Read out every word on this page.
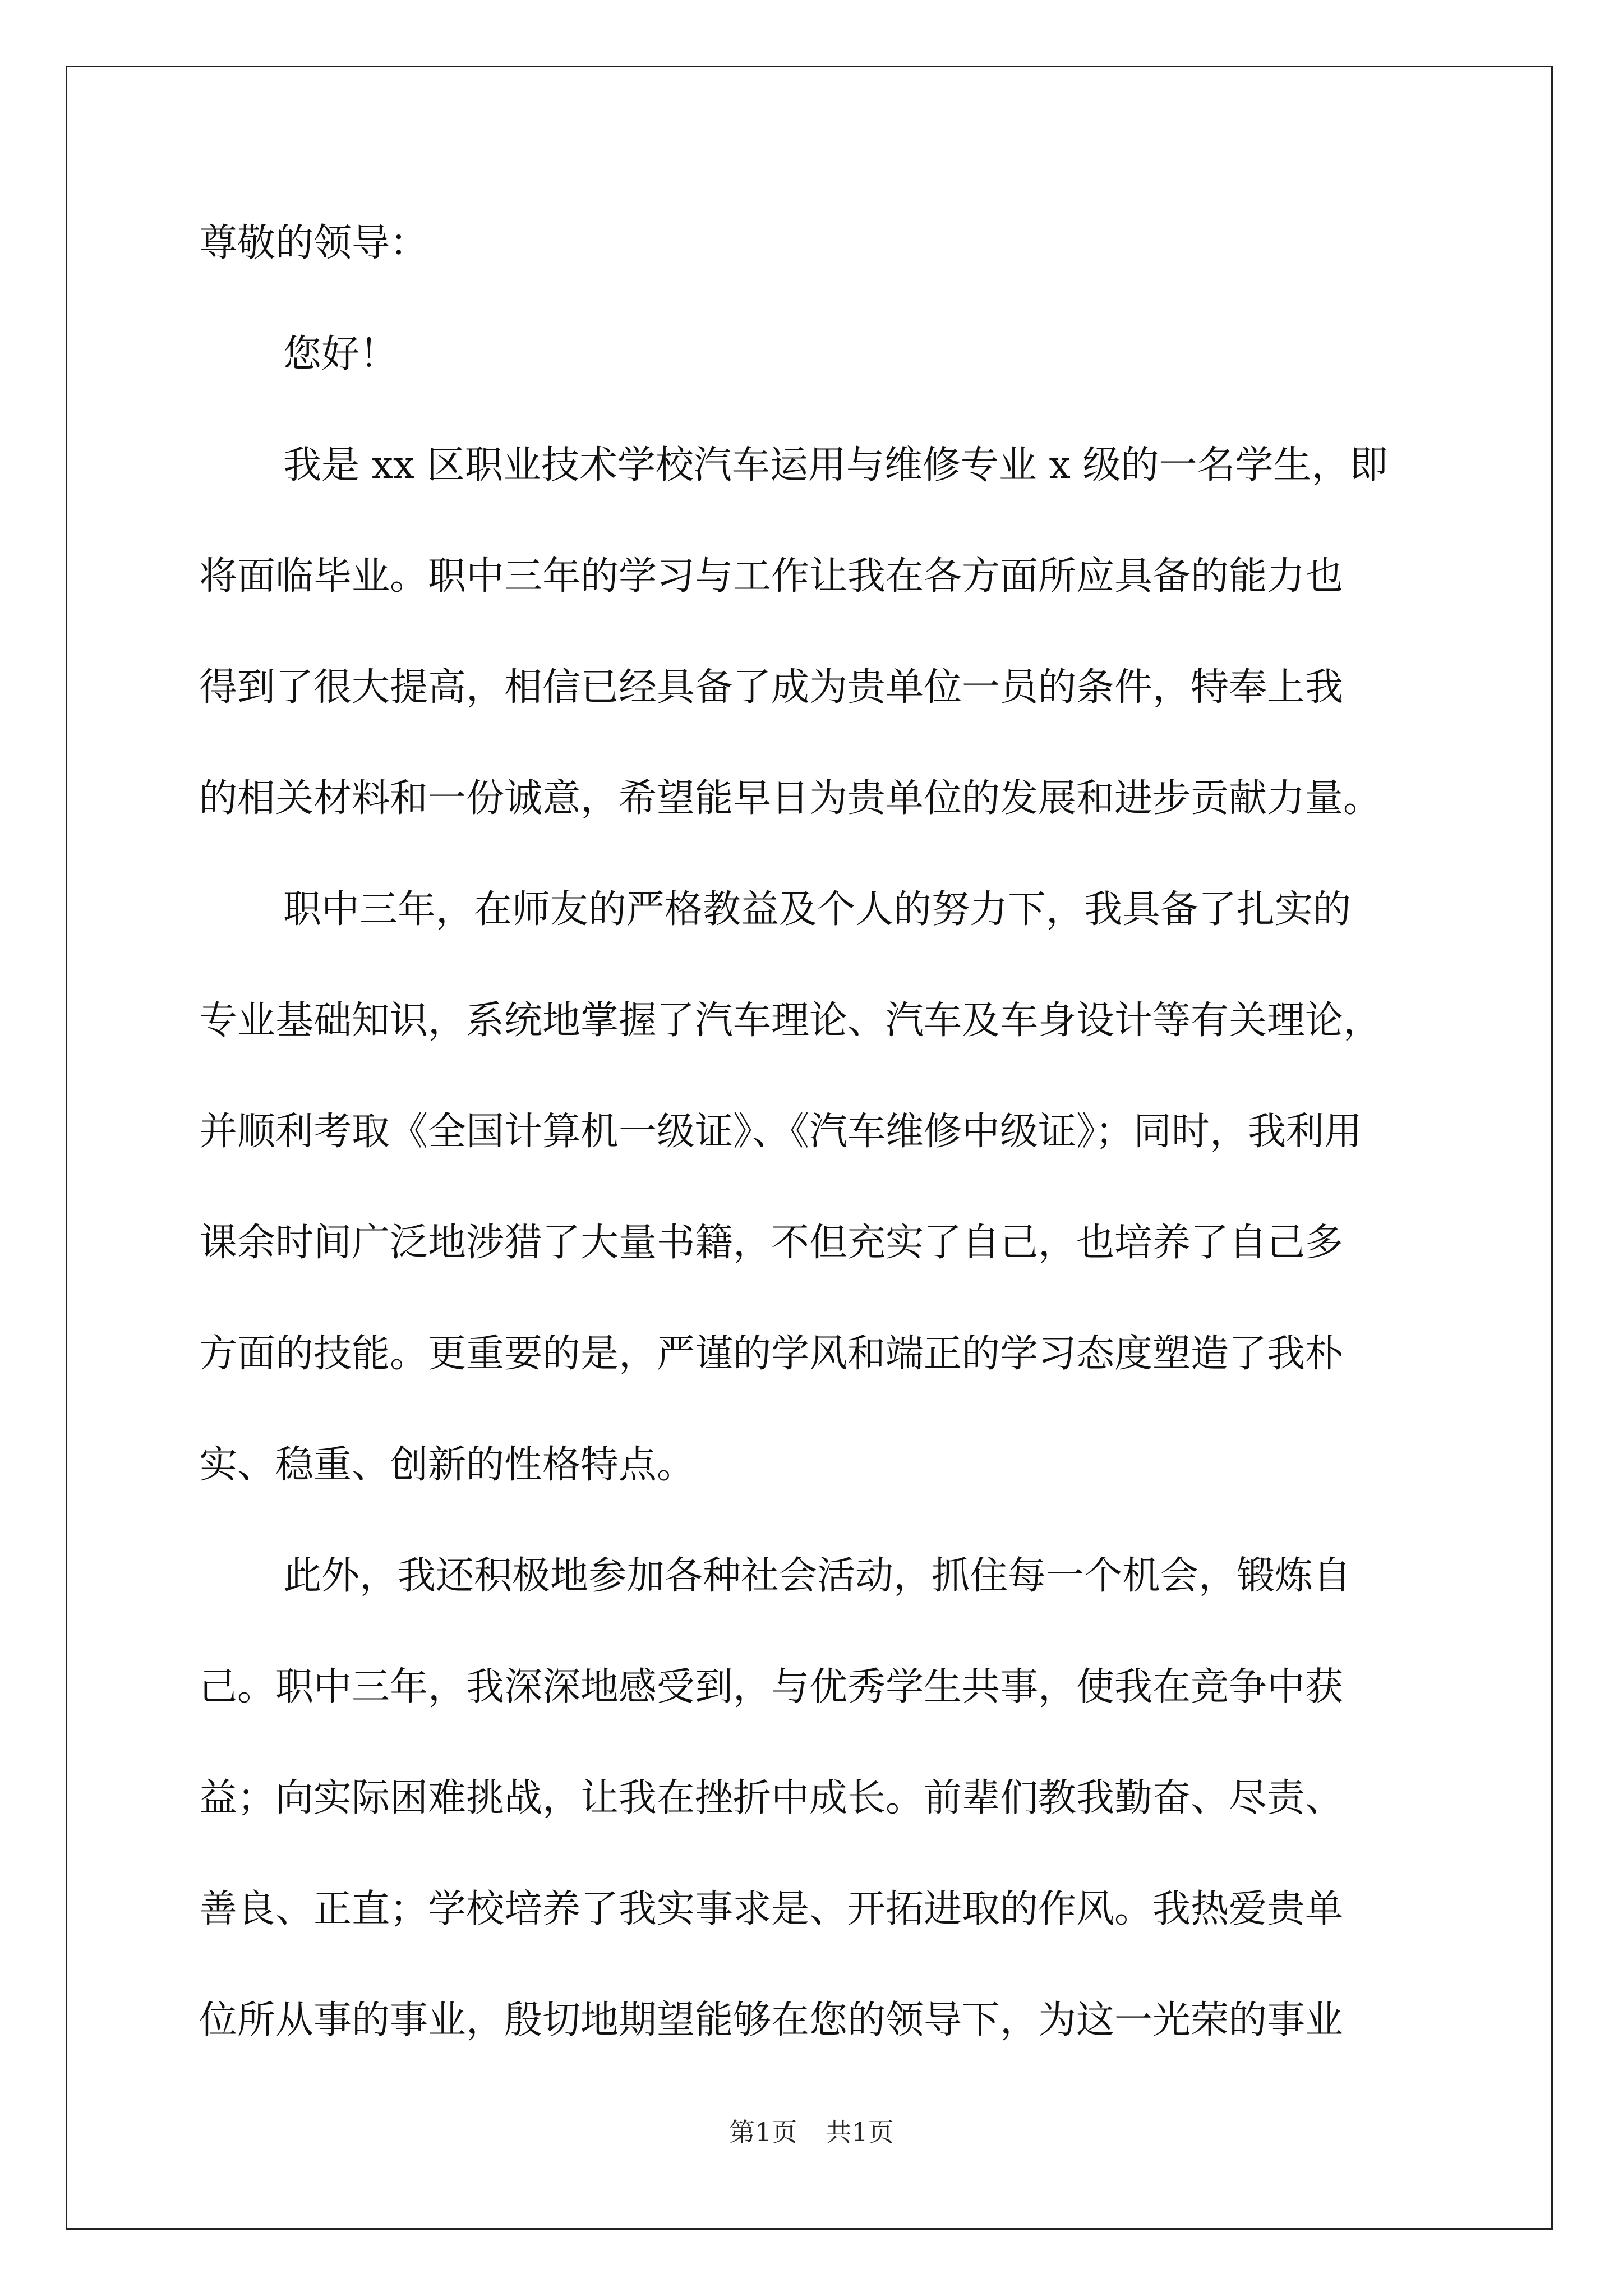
尊敬的领导：
您好！
我是 xx 区职业技术学校汽车运用与维修专业 x 级的一名学生，即
将面临毕业。职中三年的学习与工作让我在各方面所应具备的能力也
得到了很大提高，相信已经具备了成为贵单位一员的条件，特奉上我
的相关材料和一份诚意，希望能早日为贵单位的发展和进步贡献力量。
职中三年，在师友的严格教益及个人的努力下，我具备了扎实的
专业基础知识，系统地掌握了汽车理论、汽车及车身设计等有关理论，
并顺利考取《全国计算机一级证》、《汽车维修中级证》；同时，我利用
课余时间广泛地涉猎了大量书籍，不但充实了自己，也培养了自己多
方面的技能。更重要的是，严谨的学风和端正的学习态度塑造了我朴
实、稳重、创新的性格特点。
此外，我还积极地参加各种社会活动，抓住每一个机会，锻炼自
己。职中三年，我深深地感受到，与优秀学生共事，使我在竞争中获
益；向实际困难挑战，让我在挫折中成长。前辈们教我勤奋、尽责、
善良、正直；学校培养了我实事求是、开拓进取的作风。我热爱贵单
位所从事的事业，殷切地期望能够在您的领导下，为这一光荣的事业
第1页 共1页
